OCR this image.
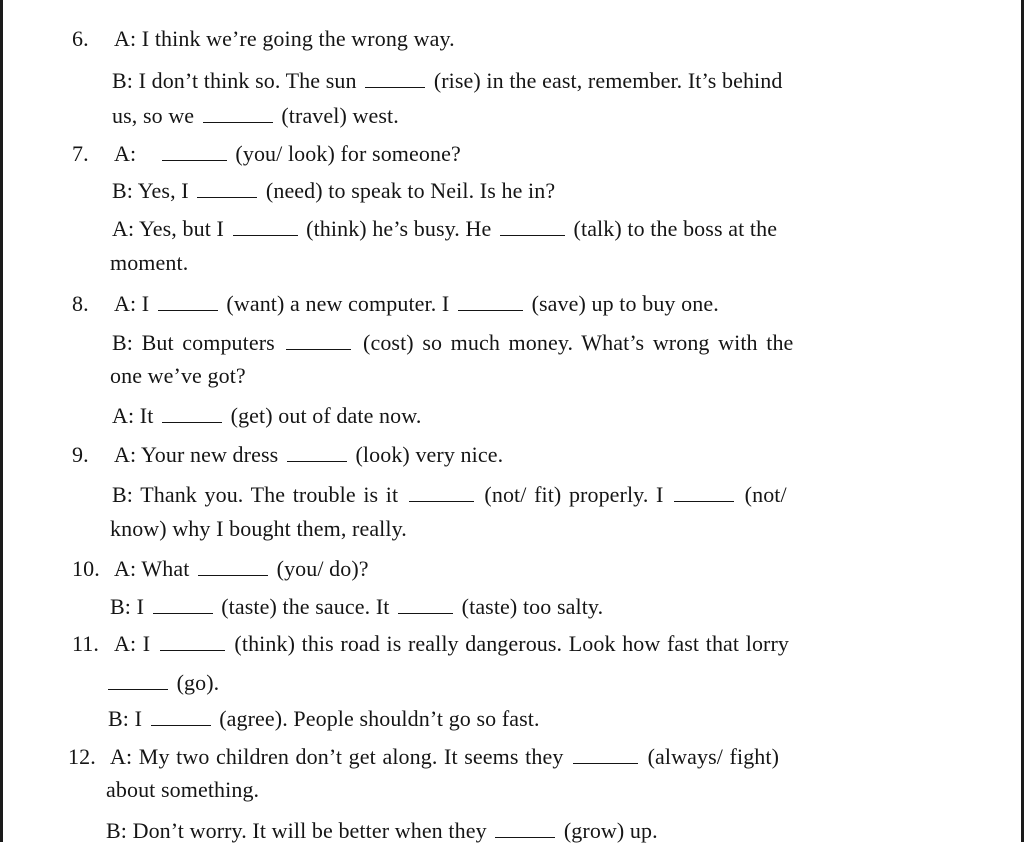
6. A: I think we’re going the wrong way.
B: I don’t think so. The sun	(rise) in the east, remember. It’s behind
us, so we	(travel) west.
7. A:	(you/ look) for someone?
B: Yes, I	(need) to speak to Neil. Is he in?
A: Yes, but I	(think) he’s busy. He	(talk) to the boss at the
moment.
8. A: I	(want) a new computer. I	(save) up to buy one.
B: But computers	(cost) so much money. What’s wrong with the
one we’ve got?
A: It	(get) out of date now.
9. A: Your new dress	(look) very nice.
B: Thank you. The trouble is it	(not/ fit) properly. I	(not/
know) why I bought them, really.
10. A: What	(you/ do)?
B: I	(taste) the sauce. It	(taste) too salty.
11. A: I	(think) this road is really dangerous. Look how fast that lorry
(go).
B: I	(agree). People shouldn’t go so fast.
12. A: My two children don’t get along. It seems they	(always/ fight)
about something.
B: Don’t worry. It will be better when they	(grow) up.
